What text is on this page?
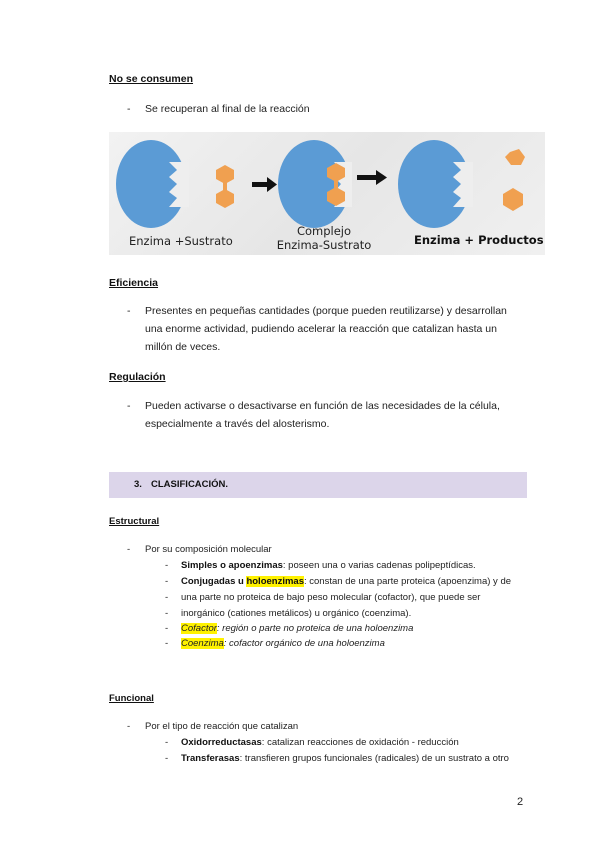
No se consumen
- Se recuperan al final de la reacción
Enzima +Sustrato
Complejo
Enzima-Sustrato	Enzima + Productos
Eficiencia
- Presentes en pequeñas cantidades (porque pueden reutilizarse) y desarrollan
una enorme actividad, pudiendo acelerar la reacción que catalizan hasta un
millón de veces.
Regulación
- Pueden activarse o desactivarse en función de las necesidades de la célula,
especialmente a través del alosterismo.
3. CLASIFICACIÓN.
Estructural
- Por su composición molecular
- Simples o apoenzimas: poseen una o varias cadenas polipeptídicas.
- Conjugadas u holoenzimas: constan de una parte proteica (apoenzima) y de
- una parte no proteica de bajo peso molecular (cofactor), que puede ser
- inorgánico (cationes metálicos) u orgánico (coenzima).
- Cofactor: región o parte no proteica de una holoenzima
- Coenzima: cofactor orgánico de una holoenzima
Funcional
- Por el tipo de reacción que catalizan
- Oxidorreductasas: catalizan reacciones de oxidación - reducción
- Transferasas: transfieren grupos funcionales (radicales) de un sustrato a otro
2
